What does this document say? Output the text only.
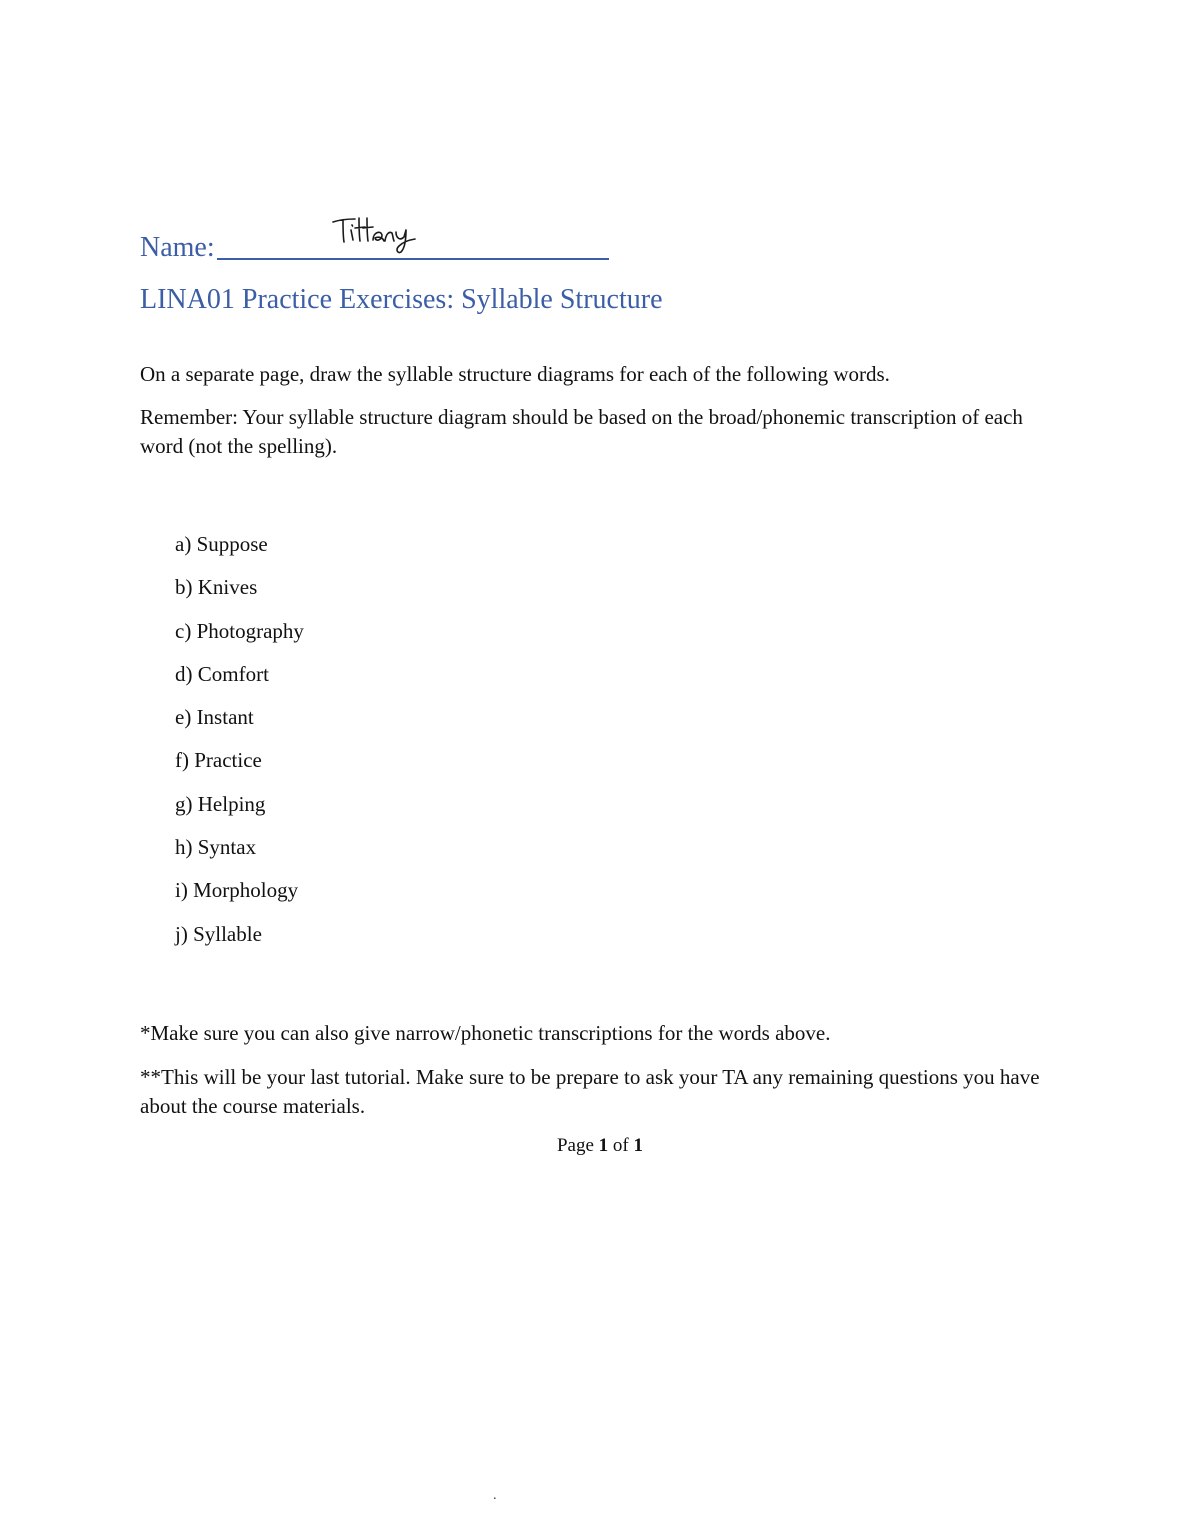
Name:
LINA01 Practice Exercises: Syllable Structure

On a separate page, draw the syllable structure diagrams for each of the following words.

Remember: Your syllable structure diagram should be based on the broad/phonemic transcription of each word (not the spelling).

a) Suppose
b) Knives
c) Photography
d) Comfort
e) Instant
f) Practice
g) Helping
h) Syntax
i) Morphology
j) Syllable

*Make sure you can also give narrow/phonetic transcriptions for the words above.

**This will be your last tutorial. Make sure to be prepare to ask your TA any remaining questions you have about the course materials.

Page 1 of 1
.
